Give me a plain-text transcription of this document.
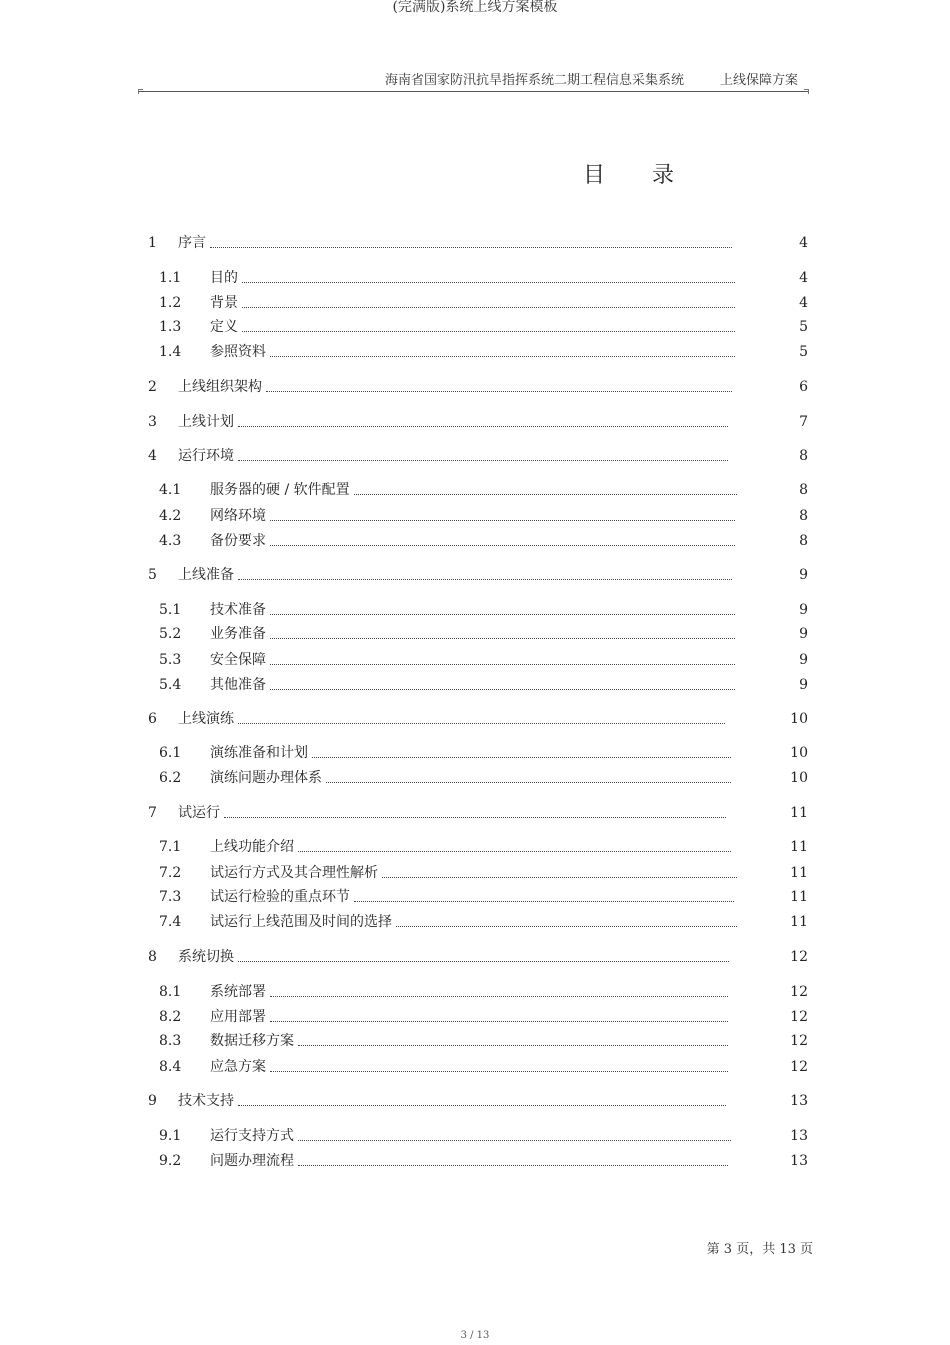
(完满版)系统上线方案模板
海南省国家防汛抗旱指挥系统二期工程信息采集系统	上线保障方案
目 录
1 序言	4
1.1 目的	4
1.2 背景	4
1.3 定义	5
1.4 参照资料	5
2 上线组织架构	6
3 上线计划	7
4 运行环境	8
4.1 服务器的硬 / 软件配置	8
4.2 网络环境	8
4.3 备份要求	8
5 上线准备	9
5.1 技术准备	9
5.2 业务准备	9
5.3 安全保障	9
5.4 其他准备	9
6 上线演练	10
6.1 演练准备和计划	10
6.2 演练问题办理体系	10
7 试运行	11
7.1 上线功能介绍	11
7.2 试运行方式及其合理性解析	11
7.3 试运行检验的重点环节	11
7.4 试运行上线范围及时间的选择	11
8 系统切换	12
8.1 系统部署	12
8.2 应用部署	12
8.3 数据迁移方案	12
8.4 应急方案	12
9 技术支持	13
9.1 运行支持方式	13
9.2 问题办理流程	13
第 3 页，共 13 页
3 / 13
